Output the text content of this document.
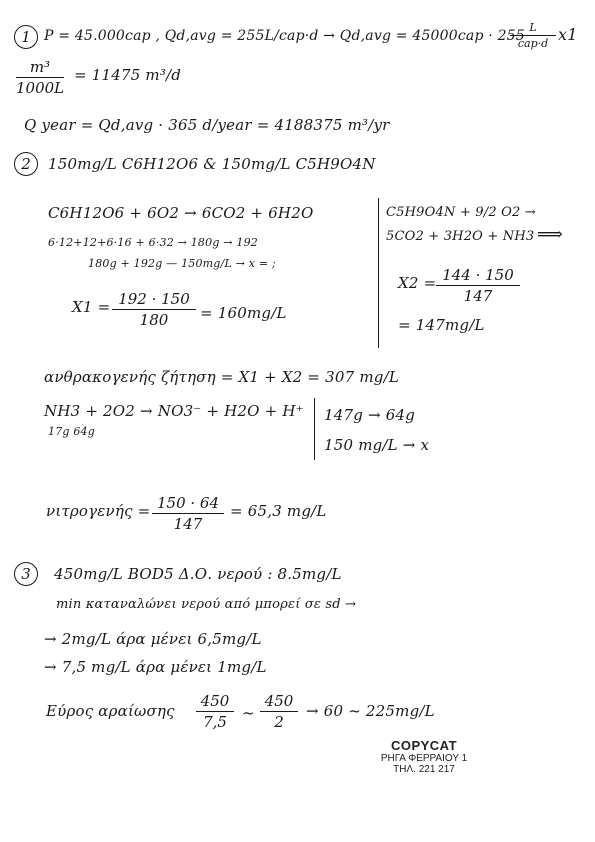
1 P = 45.000cap , Qd,avg = 255L/cap·d → Qd,avg = 45000cap · 255
L
cap·d x1
m³
1000L
= 11475 m³/d
Q year = Qd,avg · 365 d/year = 4188375 m³/yr
2	150mg/L C6H12O6 & 150mg/L C5H9O4N
C6H12O6 + 6O2 → 6CO2 + 6H2O
6·12+12+6·16 + 6·32 → 180g → 192
180g + 192g — 150mg/L → x = ;
X1 = 192 · 150
180	= 160mg/L
C5H9O4N + 9/2 O2 →
5CO2 + 3H2O + NH3 ⟹
X2 = 144 · 150
147
= 147mg/L
ανθρακογενής ζήτηση = X1 + X2 = 307 mg/L
NH3 + 2O2 → NO3⁻ + H2O + H⁺
17g 64g
147g → 64g
150 mg/L → x
νιτρογενής = 150 · 64
147
= 65,3 mg/L
3	450mg/L BOD5 Δ.Ο. νερού : 8.5mg/L
min καταναλώνει νερού από μπορεί σε sd →
→ 2mg/L άρα μένει 6,5mg/L
→ 7,5 mg/L άρα μένει 1mg/L
Εύρος αραίωσης
450
7,5	~
450
2
→ 60 ~ 225mg/L
COPYCAT
ΡΗΓΑ ΦΕΡΡΑΙΟΥ 1
ΤΗΛ. 221 217
